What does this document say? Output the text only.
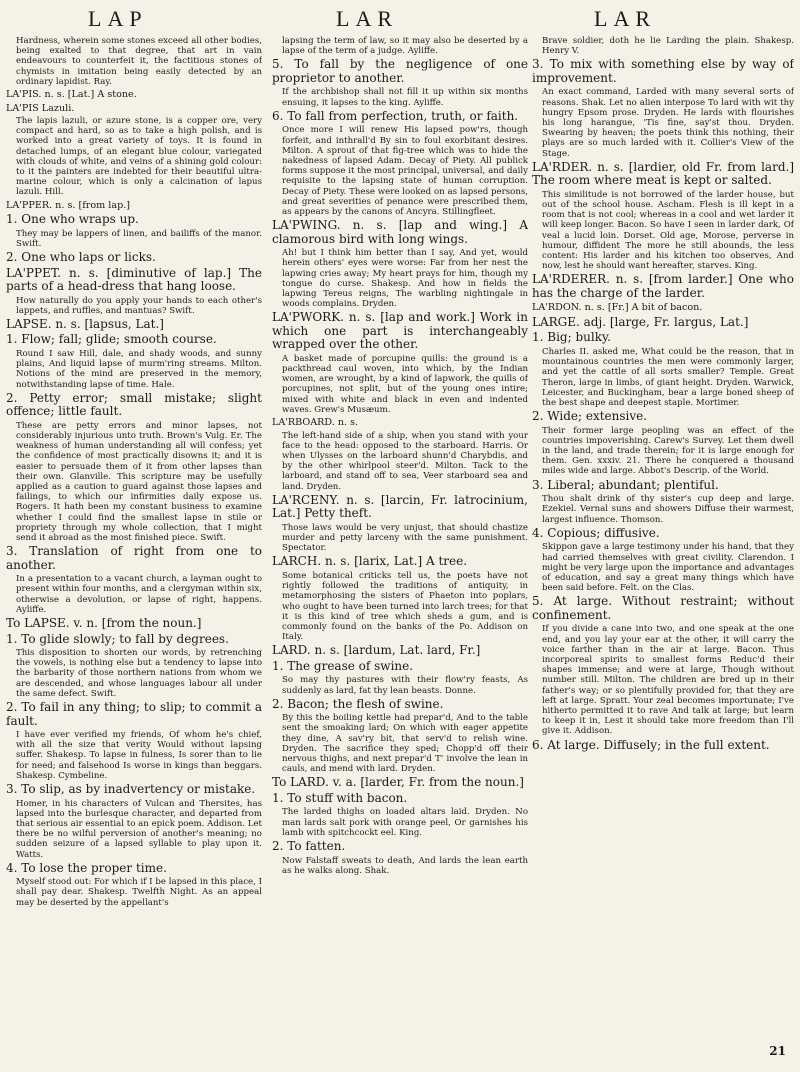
LAP	LAR	LAR

Hardness, wherein some stones exceed all other bodies, being exalted to that degree, that art in vain endeavours to counterfeit it, the factitious stones of chymists in imitation being easily detected by an ordinary lapidist. Ray.

LA'PIS. n. s. [Lat.] A stone.

LA'PIS Lazuli.

The lapis lazuli, or azure stone, is a copper ore, very compact and hard, so as to take a high polish, and is worked into a great variety of toys. It is found in detached lumps, of an elegant blue colour, variegated with clouds of white, and veins of a shining gold colour: to it the painters are indebted for their beautiful ultra-marine colour, which is only a calcination of lapus lazuli. Hill.

LA'PPER. n. s. [from lap.]

1. One who wraps up.

They may be lappers of linen, and bailiffs of the manor. Swift.

2. One who laps or licks.

LA'PPET. n. s. [diminutive of lap.] The parts of a head-dress that hang loose.

How naturally do you apply your hands to each other's lappets, and ruffles, and mantuas? Swift.

LAPSE. n. s. [lapsus, Lat.]

1. Flow; fall; glide; smooth course.

Round I saw Hill, dale, and shady woods, and sunny plains, And liquid lapse of murm'ring streams. Milton. Notions of the mind are preserved in the memory, notwithstanding lapse of time. Hale.

2. Petty error; small mistake; slight offence; little fault.

These are petty errors and minor lapses, not considerably injurious unto truth. Brown's Vulg. Er. The weakness of human understanding all will confess; yet the confidence of most practically disowns it; and it is easier to persuade them of it from other lapses than their own. Glanville. This scripture may be usefully applied as a caution to guard against those lapses and failings, to which our infirmities daily expose us. Rogers. It hath been my constant business to examine whether I could find the smallest lapse in stile or propriety through my whole collection, that I might send it abroad as the most finished piece. Swift.

3. Translation of right from one to another.

In a presentation to a vacant church, a layman ought to present within four months, and a clergyman within six, otherwise a devolution, or lapse of right, happens. Ayliffe.

To LAPSE. v. n. [from the noun.]

1. To glide slowly; to fall by degrees.

This disposition to shorten our words, by retrenching the vowels, is nothing else but a tendency to lapse into the barbarity of those northern nations from whom we are descended, and whose languages labour all under the same defect. Swift.

2. To fail in any thing; to slip; to commit a fault.

I have ever verified my friends, Of whom he's chief, with all the size that verity Would without lapsing suffer. Shakesp. To lapse in fulness, Is sorer than to lie for need; and falsehood Is worse in kings than beggars. Shakesp. Cymbeline.

3. To slip, as by inadvertency or mistake.

Homer, in his characters of Vulcan and Thersites, has lapsed into the burlesque character, and departed from that serious air essential to an epick poem. Addison. Let there be no wilful perversion of another's meaning; no sudden seizure of a lapsed syllable to play upon it. Watts.

4. To lose the proper time.

Myself stood out: For which if I be lapsed in this place, I shall pay dear. Shakesp. Twelfth Night. As an appeal may be deserted by the appellant's

lapsing the term of law, so it may also be deserted by a lapse of the term of a judge. Ayliffe.

5. To fall by the negligence of one proprietor to another.

If the archbishop shall not fill it up within six months ensuing, it lapses to the king. Ayliffe.

6. To fall from perfection, truth, or faith.

Once more I will renew His lapsed pow'rs, though forfeit, and inthrall'd By sin to foul exorbitant desires. Milton. A sprout of that fig-tree which was to hide the nakedness of lapsed Adam. Decay of Piety. All publick forms suppose it the most principal, universal, and daily requisite to the lapsing state of human corruption. Decay of Piety. These were looked on as lapsed persons, and great severities of penance were prescribed them, as appears by the canons of Ancyra. Stillingfleet.

LA'PWING. n. s. [lap and wing.] A clamorous bird with long wings.

Ah! but I think him better than I say, And yet, would herein others' eyes were worse: Far from her nest the lapwing cries away; My heart prays for him, though my tongue do curse. Shakesp. And how in fields the lapwing Tereus reigns, The warbling nightingale in woods complains. Dryden.

LA'PWORK. n. s. [lap and work.] Work in which one part is interchangeably wrapped over the other.

A basket made of porcupine quills: the ground is a packthread caul woven, into which, by the Indian women, are wrought, by a kind of lapwork, the quills of porcupines, not split, but of the young ones intire; mixed with white and black in even and indented waves. Grew's Musæum.

LA'RBOARD. n. s.

The left-hand side of a ship, when you stand with your face to the head: opposed to the starboard. Harris. Or when Ulysses on the larboard shunn'd Charybdis, and by the other whirlpool steer'd. Milton. Tack to the larboard, and stand off to sea, Veer starboard sea and land. Dryden.

LA'RCENY. n. s. [larcin, Fr. latrocinium, Lat.] Petty theft.

Those laws would be very unjust, that should chastize murder and petty larceny with the same punishment. Spectator.

LARCH. n. s. [larix, Lat.] A tree.

Some botanical criticks tell us, the poets have not rightly followed the traditions of antiquity, in metamorphosing the sisters of Phaeton into poplars, who ought to have been turned into larch trees; for that it is this kind of tree which sheds a gum, and is commonly found on the banks of the Po. Addison on Italy.

LARD. n. s. [lardum, Lat. lard, Fr.]

1. The grease of swine.

So may thy pastures with their flow'ry feasts, As suddenly as lard, fat thy lean beasts. Donne.

2. Bacon; the flesh of swine.

By this the boiling kettle had prepar'd, And to the table sent the smoaking lard; On which with eager appetite they dine, A sav'ry bit, that serv'd to relish wine. Dryden. The sacrifice they sped; Chopp'd off their nervous thighs, and next prepar'd T' involve the lean in cauls, and mend with lard. Dryden.

To LARD. v. a. [larder, Fr. from the noun.]

1. To stuff with bacon.

The larded thighs on loaded altars laid. Dryden. No man lards salt pork with orange peel, Or garnishes his lamb with spitchcockt eel. King.

2. To fatten.

Now Falstaff sweats to death, And lards the lean earth as he walks along. Shak.

Brave soldier, doth he lie Larding the plain. Shakesp. Henry V.

3. To mix with something else by way of improvement.

An exact command, Larded with many several sorts of reasons. Shak. Let no alien interpose To lard with wit thy hungry Epsom prose. Dryden. He lards with flourishes his long harangue, 'Tis fine, say'st thou. Dryden. Swearing by heaven; the poets think this nothing, their plays are so much larded with it. Collier's View of the Stage.

LA'RDER. n. s. [lardier, old Fr. from lard.] The room where meat is kept or salted.

This similitude is not borrowed of the larder house, but out of the school house. Ascham. Flesh is ill kept in a room that is not cool; whereas in a cool and wet larder it will keep longer. Bacon. So have I seen in larder dark, Of veal a lucid loin. Dorset. Old age, Morose, perverse in humour, diffident The more he still abounds, the less content: His larder and his kitchen too observes, And now, lest he should want hereafter, starves. King.

LA'RDERER. n. s. [from larder.] One who has the charge of the larder.

LA'RDON. n. s. [Fr.] A bit of bacon.

LARGE. adj. [large, Fr. largus, Lat.]

1. Big; bulky.

Charles II. asked me, What could be the reason, that in mountainous countries the men were commonly larger, and yet the cattle of all sorts smaller? Temple. Great Theron, large in limbs, of giant height. Dryden. Warwick, Leicester, and Buckingham, bear a large boned sheep of the best shape and deepest staple. Mortimer.

2. Wide; extensive.

Their former large peopling was an effect of the countries impoverishing. Carew's Survey. Let them dwell in the land, and trade therein; for it is large enough for them. Gen. xxxiv. 21. There he conquered a thousand miles wide and large. Abbot's Descrip. of the World.

3. Liberal; abundant; plentiful.

Thou shalt drink of thy sister's cup deep and large. Ezekiel. Vernal suns and showers Diffuse their warmest, largest influence. Thomson.

4. Copious; diffusive.

Skippon gave a large testimony under his hand, that they had carried themselves with great civility. Clarendon. I might be very large upon the importance and advantages of education, and say a great many things which have been said before. Felt. on the Clas.

5. At large. Without restraint; without confinement.

If you divide a cane into two, and one speak at the one end, and you lay your ear at the other, it will carry the voice farther than in the air at large. Bacon. Thus incorporeal spirits to smallest forms Reduc'd their shapes immense; and were at large, Though without number still. Milton. The children are bred up in their father's way; or so plentifully provided for, that they are left at large. Spratt. Your zeal becomes importunate; I've hitherto permitted it to rave And talk at large; but learn to keep it in, Lest it should take more freedom than I'll give it. Addison.

6. At large. Diffusely; in the full extent.

21
